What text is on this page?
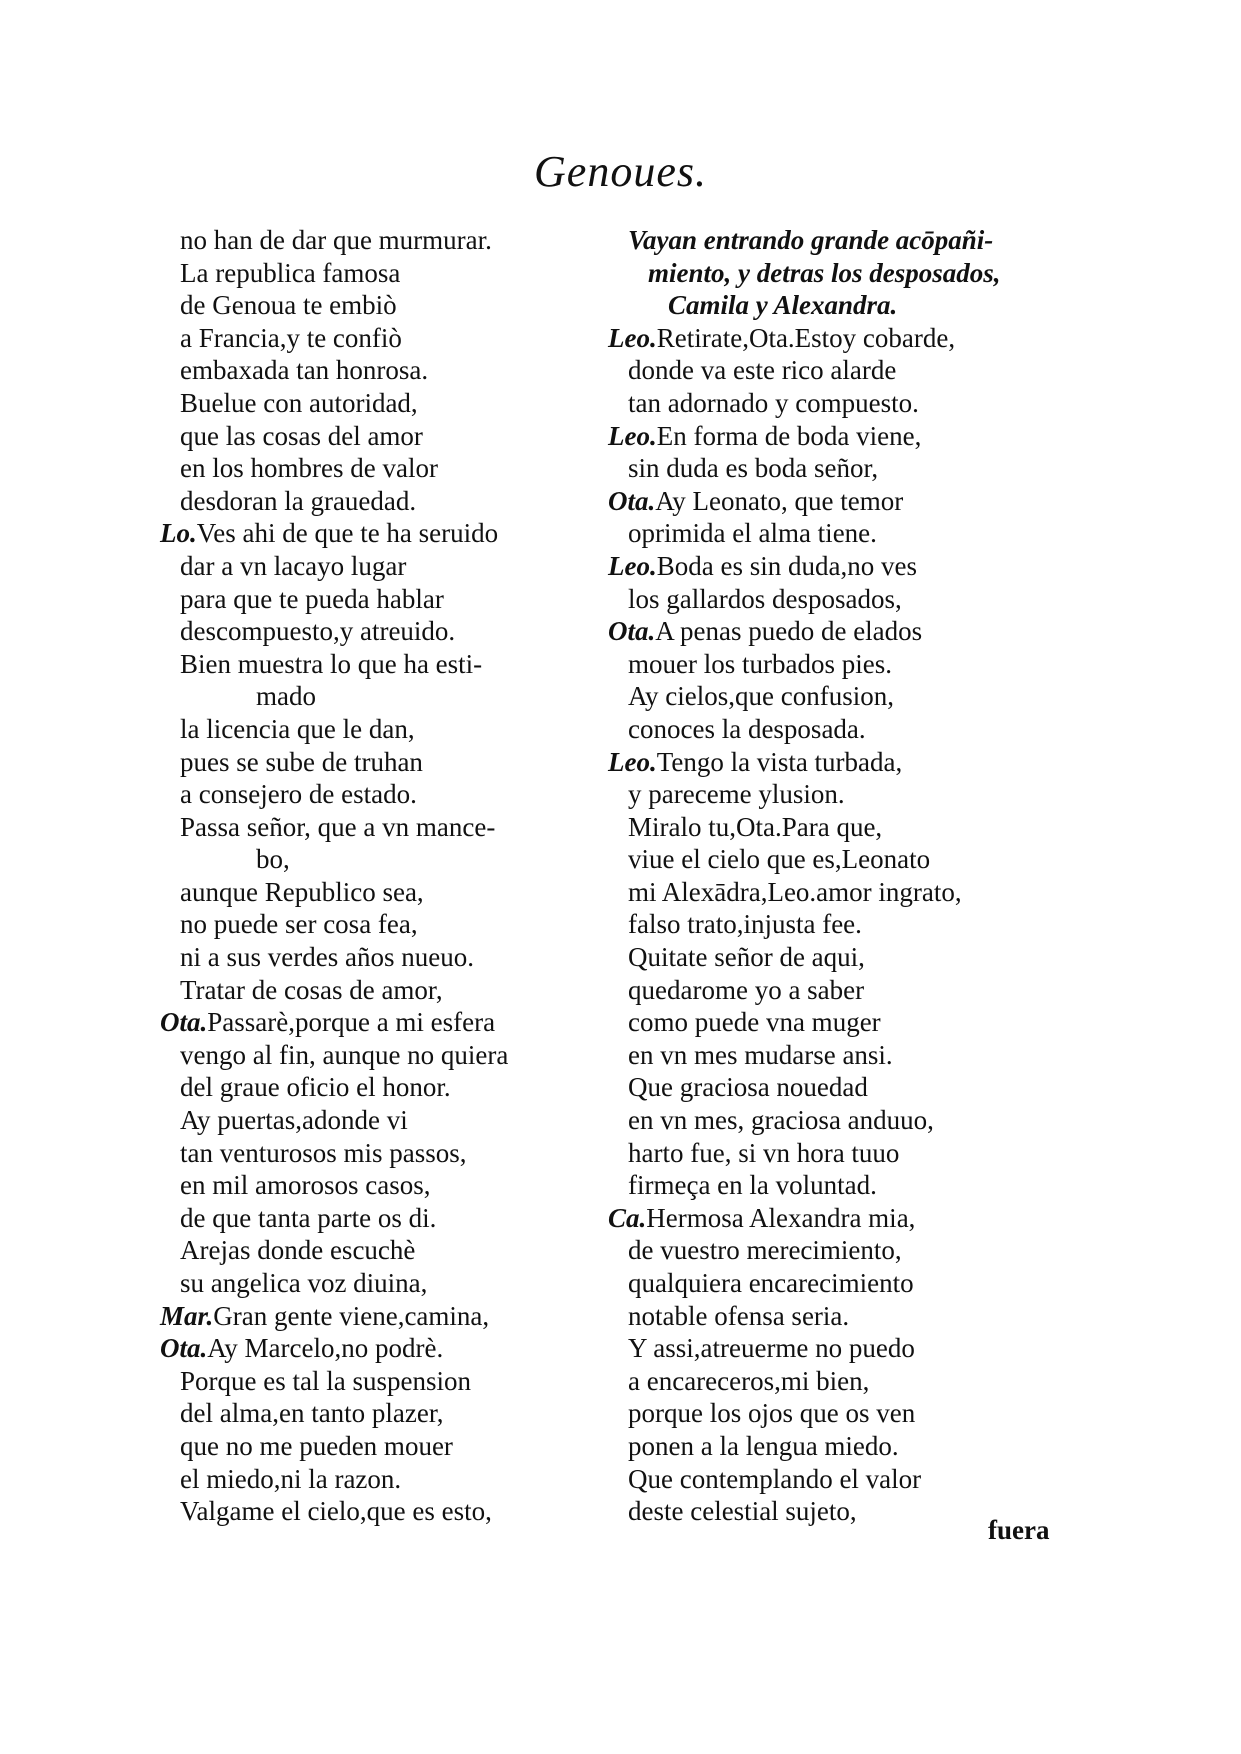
Genoues.
no han de dar que murmurar.
La republica famosa
de Genoua te embiò
a Francia,y te confiò
embaxada tan honrosa.
Buelue con autoridad,
que las cosas del amor
en los hombres de valor
desdoran la grauedad.
Lo.Ves ahi de que te ha seruido
dar a vn lacayo lugar
para que te pueda hablar
descompuesto,y atreuido.
Bien muestra lo que ha esti-
mado
la licencia que le dan,
pues se sube de truhan
a consejero de estado.
Passa señor, que a vn mance-
bo,
aunque Republico sea,
no puede ser cosa fea,
ni a sus verdes años nueuo.
Tratar de cosas de amor,
Ota.Passarè,porque a mi esfera
vengo al fin, aunque no quiera
del graue oficio el honor.
Ay puertas,adonde vi
tan venturosos mis passos,
en mil amorosos casos,
de que tanta parte os di.
Arejas donde escuchè
su angelica voz diuina,
Mar.Gran gente viene,camina,
Ota.Ay Marcelo,no podrè.
Porque es tal la suspension
del alma,en tanto plazer,
que no me pueden mouer
el miedo,ni la razon.
Valgame el cielo,que es esto,
Vayan entrando grande acōpañi-
miento, y detras los desposados,
Camila y Alexandra.
Leo.Retirate,Ota.Estoy cobarde,
donde va este rico alarde
tan adornado y compuesto.
Leo.En forma de boda viene,
sin duda es boda señor,
Ota.Ay Leonato, que temor
oprimida el alma tiene.
Leo.Boda es sin duda,no ves
los gallardos desposados,
Ota.A penas puedo de elados
mouer los turbados pies.
Ay cielos,que confusion,
conoces la desposada.
Leo.Tengo la vista turbada,
y pareceme ylusion.
Miralo tu,Ota.Para que,
viue el cielo que es,Leonato
mi Alexādra,Leo.amor ingrato,
falso trato,injusta fee.
Quitate señor de aqui,
quedarome yo a saber
como puede vna muger
en vn mes mudarse ansi.
Que graciosa nouedad
en vn mes, graciosa anduuo,
harto fue, si vn hora tuuo
firmeça en la voluntad.
Ca.Hermosa Alexandra mia,
de vuestro merecimiento,
qualquiera encarecimiento
notable ofensa seria.
Y assi,atreuerme no puedo
a encareceros,mi bien,
porque los ojos que os ven
ponen a la lengua miedo.
Que contemplando el valor
deste celestial sujeto,
fuera
